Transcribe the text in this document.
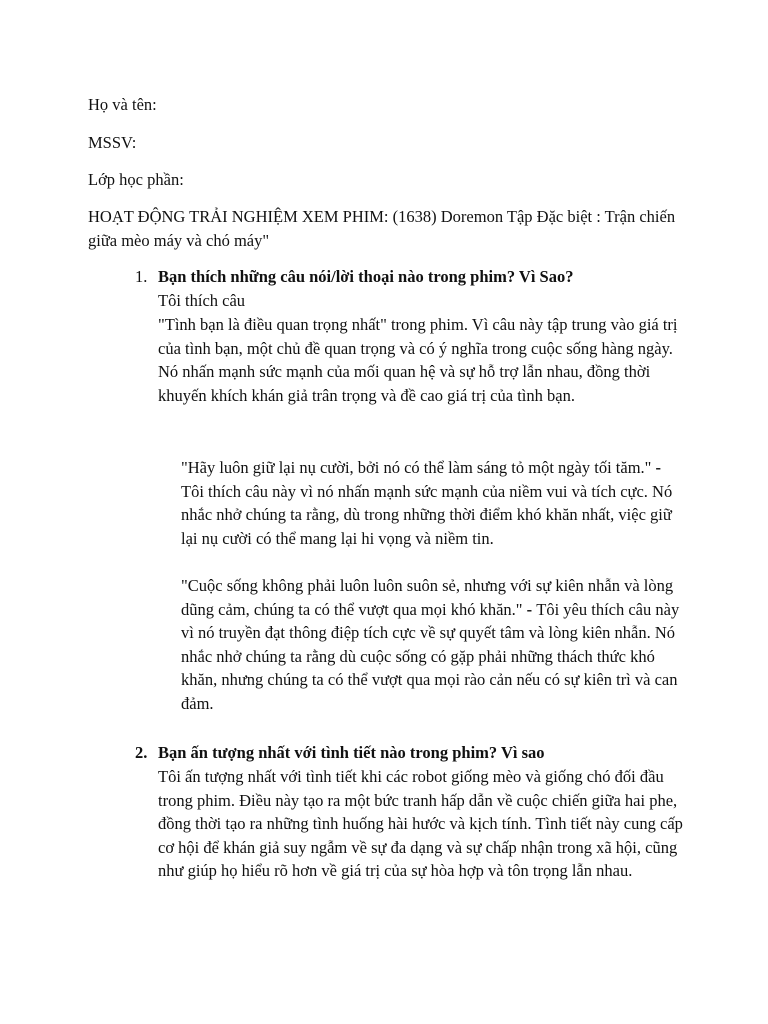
Họ và tên:
MSSV:
Lớp học phần:
HOẠT ĐỘNG TRẢI NGHIỆM XEM PHIM: (1638) Doremon Tập Đặc biệt : Trận chiến giữa mèo máy và chó máy"
1. Bạn thích những câu nói/lời thoại nào trong phim? Vì Sao?
Tôi thích câu
"Tình bạn là điều quan trọng nhất" trong phim. Vì câu này tập trung vào giá trị của tình bạn, một chủ đề quan trọng và có ý nghĩa trong cuộc sống hàng ngày. Nó nhấn mạnh sức mạnh của mối quan hệ và sự hỗ trợ lẫn nhau, đồng thời khuyến khích khán giả trân trọng và đề cao giá trị của tình bạn.
"Hãy luôn giữ lại nụ cười, bởi nó có thể làm sáng tỏ một ngày tối tăm." - Tôi thích câu này vì nó nhấn mạnh sức mạnh của niềm vui và tích cực. Nó nhắc nhở chúng ta rằng, dù trong những thời điểm khó khăn nhất, việc giữ lại nụ cười có thể mang lại hi vọng và niềm tin.
"Cuộc sống không phải luôn luôn suôn sẻ, nhưng với sự kiên nhẫn và lòng dũng cảm, chúng ta có thể vượt qua mọi khó khăn." - Tôi yêu thích câu này vì nó truyền đạt thông điệp tích cực về sự quyết tâm và lòng kiên nhẫn. Nó nhắc nhở chúng ta rằng dù cuộc sống có gặp phải những thách thức khó khăn, nhưng chúng ta có thể vượt qua mọi rào cản nếu có sự kiên trì và can đảm.
2. Bạn ấn tượng nhất với tình tiết nào trong phim? Vì sao
Tôi ấn tượng nhất với tình tiết khi các robot giống mèo và giống chó đối đầu trong phim. Điều này tạo ra một bức tranh hấp dẫn về cuộc chiến giữa hai phe, đồng thời tạo ra những tình huống hài hước và kịch tính. Tình tiết này cung cấp cơ hội để khán giả suy ngẫm về sự đa dạng và sự chấp nhận trong xã hội, cũng như giúp họ hiểu rõ hơn về giá trị của sự hòa hợp và tôn trọng lẫn nhau.
